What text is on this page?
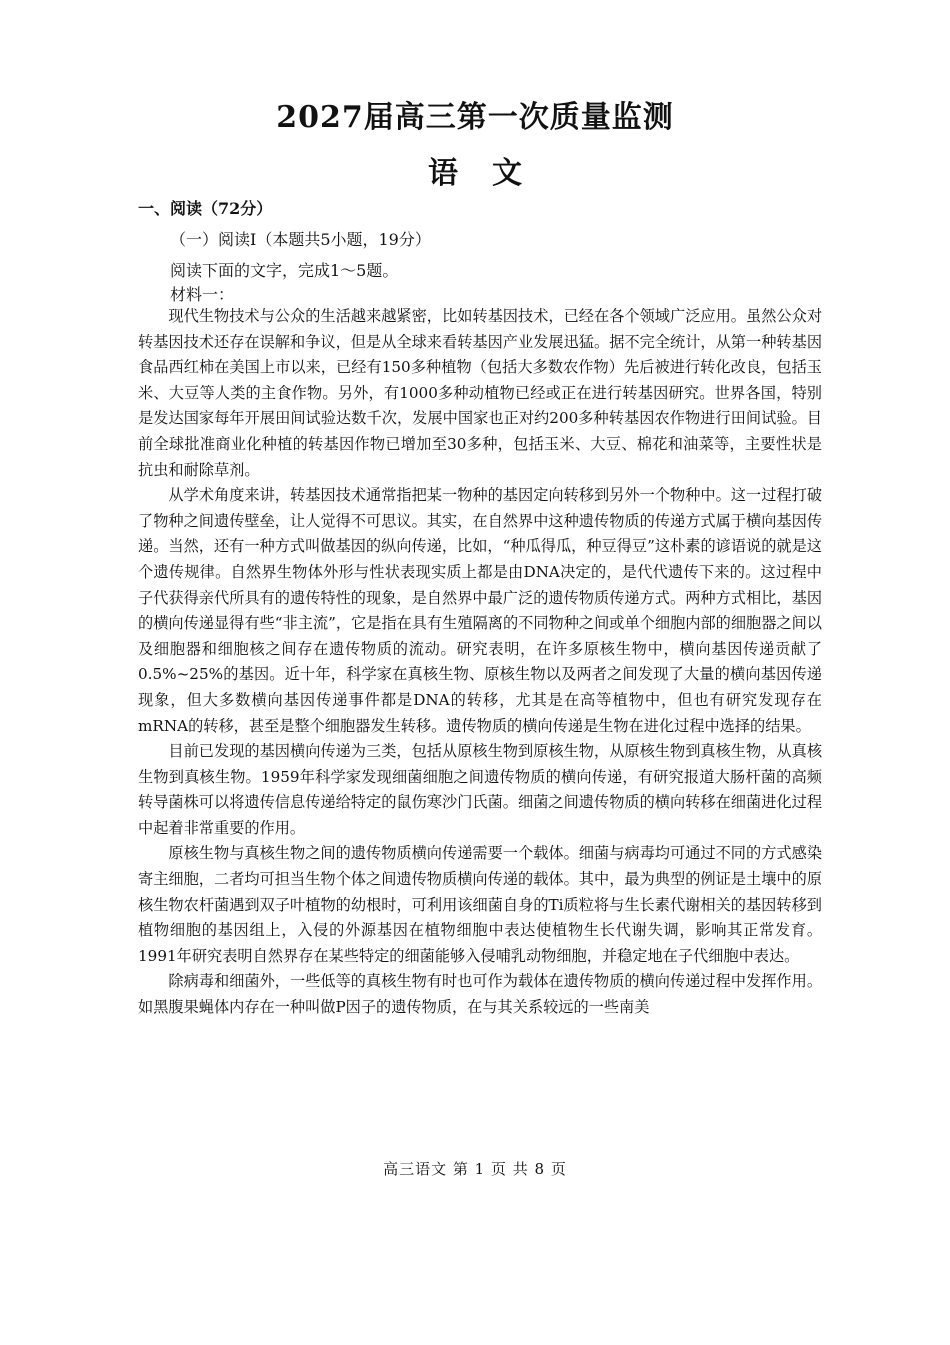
2027届高三第一次质量监测
语文
一、阅读（72分）
（一）阅读Ⅰ（本题共5小题，19分）
阅读下面的文字，完成1～5题。
材料一：

现代生物技术与公众的生活越来越紧密，比如转基因技术，已经在各个领域广泛应用。虽然公众对转基因技术还存在误解和争议，但是从全球来看转基因产业发展迅猛。据不完全统计，从第一种转基因食品西红柿在美国上市以来，已经有150多种植物（包括大多数农作物）先后被进行转化改良，包括玉米、大豆等人类的主食作物。另外，有1000多种动植物已经或正在进行转基因研究。世界各国，特别是发达国家每年开展田间试验达数千次，发展中国家也正对约200多种转基因农作物进行田间试验。目前全球批准商业化种植的转基因作物已增加至30多种，包括玉米、大豆、棉花和油菜等，主要性状是抗虫和耐除草剂。

从学术角度来讲，转基因技术通常指把某一物种的基因定向转移到另外一个物种中。这一过程打破了物种之间遗传壁垒，让人觉得不可思议。其实，在自然界中这种遗传物质的传递方式属于横向基因传递。当然，还有一种方式叫做基因的纵向传递，比如，“种瓜得瓜，种豆得豆”这朴素的谚语说的就是这个遗传规律。自然界生物体外形与性状表现实质上都是由DNA决定的，是代代遗传下来的。这过程中子代获得亲代所具有的遗传特性的现象，是自然界中最广泛的遗传物质传递方式。两种方式相比，基因的横向传递显得有些“非主流”，它是指在具有生殖隔离的不同物种之间或单个细胞内部的细胞器之间以及细胞器和细胞核之间存在遗传物质的流动。研究表明，在许多原核生物中，横向基因传递贡献了0.5%~25%的基因。近十年，科学家在真核生物、原核生物以及两者之间发现了大量的横向基因传递现象，但大多数横向基因传递事件都是DNA的转移，尤其是在高等植物中，但也有研究发现存在mRNA的转移，甚至是整个细胞器发生转移。遗传物质的横向传递是生物在进化过程中选择的结果。

目前已发现的基因横向传递为三类，包括从原核生物到原核生物，从原核生物到真核生物，从真核生物到真核生物。1959年科学家发现细菌细胞之间遗传物质的横向传递，有研究报道大肠杆菌的高频转导菌株可以将遗传信息传递给特定的鼠伤寒沙门氏菌。细菌之间遗传物质的横向转移在细菌进化过程中起着非常重要的作用。

原核生物与真核生物之间的遗传物质横向传递需要一个载体。细菌与病毒均可通过不同的方式感染寄主细胞，二者均可担当生物个体之间遗传物质横向传递的载体。其中，最为典型的例证是土壤中的原核生物农杆菌遇到双子叶植物的幼根时，可利用该细菌自身的Ti质粒将与生长素代谢相关的基因转移到植物细胞的基因组上，入侵的外源基因在植物细胞中表达使植物生长代谢失调，影响其正常发育。1991年研究表明自然界存在某些特定的细菌能够入侵哺乳动物细胞，并稳定地在子代细胞中表达。

除病毒和细菌外，一些低等的真核生物有时也可作为载体在遗传物质的横向传递过程中发挥作用。如黑腹果蝇体内存在一种叫做P因子的遗传物质，在与其关系较远的一些南美

高三语文 第 1 页 共 8 页
